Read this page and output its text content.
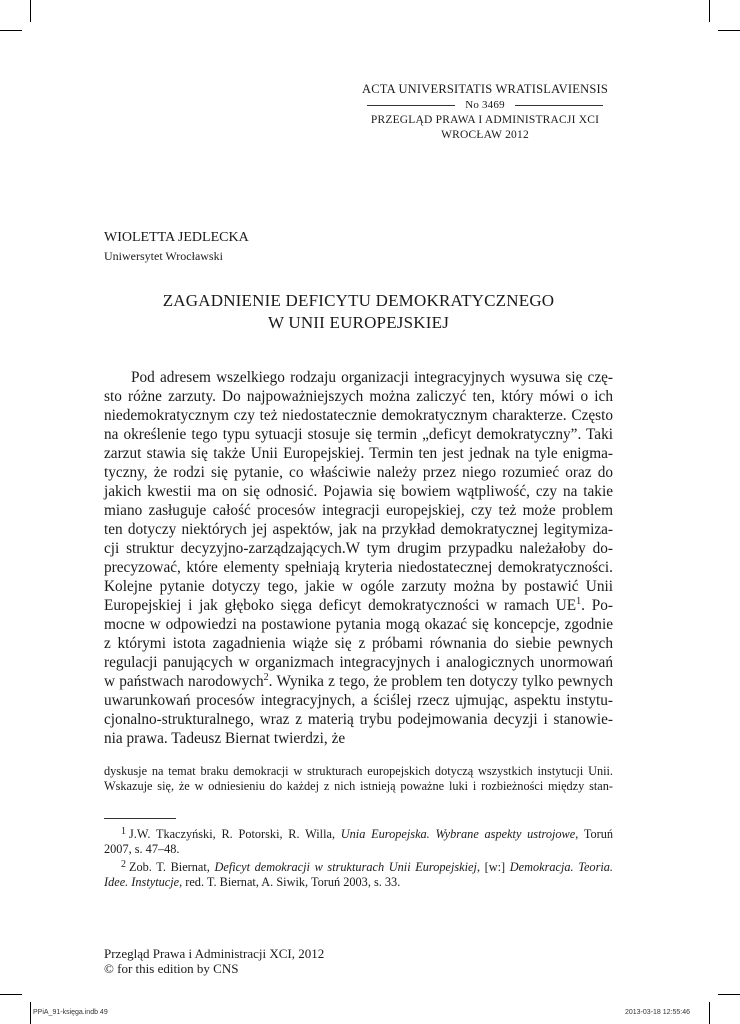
ACTA UNIVERSITATIS WRATISLAVIENSIS
No 3469
PRZEGLĄD PRAWA I ADMINISTRACJI XCI
WROCŁAW 2012
WIOLETTA JEDLECKA
Uniwersytet Wrocławski
ZAGADNIENIE DEFICYTU DEMOKRATYCZNEGO
W UNII EUROPEJSKIEJ
Pod adresem wszelkiego rodzaju organizacji integracyjnych wysuwa się czę-
sto różne zarzuty. Do najpoważniejszych można zaliczyć ten, który mówi o ich
niedemokratycznym czy też niedostatecznie demokratycznym charakterze. Często
na określenie tego typu sytuacji stosuje się termin „deficyt demokratyczny”. Taki
zarzut stawia się także Unii Europejskiej. Termin ten jest jednak na tyle enigma-
tyczny, że rodzi się pytanie, co właściwie należy przez niego rozumieć oraz do
jakich kwestii ma on się odnosić. Pojawia się bowiem wątpliwość, czy na takie
miano zasługuje całość procesów integracji europejskiej, czy też może problem
ten dotyczy niektórych jej aspektów, jak na przykład demokratycznej legitymiza-
cji struktur decyzyjno-zarządzających.W tym drugim przypadku należałoby do-
precyzować, które elementy spełniają kryteria niedostatecznej demokratyczności.
Kolejne pytanie dotyczy tego, jakie w ogóle zarzuty można by postawić Unii
Europejskiej i jak głęboko sięga deficyt demokratyczności w ramach $UE^1$. Po-
mocne w odpowiedzi na postawione pytania mogą okazać się koncepcje, zgodnie
z którymi istota zagadnienia wiąże się z próbami równania do siebie pewnych
regulacji panujących w organizmach integracyjnych i analogicznych unormowań
w państwach narodowych$^2$. Wynika z tego, że problem ten dotyczy tylko pewnych
uwarunkowań procesów integracyjnych, a ściślej rzecz ujmując, aspektu instytu-
cjonalno-strukturalnego, wraz z materią trybu podejmowania decyzji i stanowie-
nia prawa. Tadeusz Biernat twierdzi, że
dyskusje na temat braku demokracji w strukturach europejskich dotyczą wszystkich instytucji Unii.
Wskazuje się, że w odniesieniu do każdej z nich istnieją poważne luki i rozbieżności między stan-
$^1$ J.W. Tkaczyński, R. Potorski, R. Willa, Unia Europejska. Wybrane aspekty ustrojowe, Toruń
2007, s. 47–48.
$^2$ Zob. T. Biernat, Deficyt demokracji w strukturach Unii Europejskiej, [w:] Demokracja. Teoria.
Idee. Instytucje, red. T. Biernat, A. Siwik, Toruń 2003, s. 33.
Przegląd Prawa i Administracji XCI, 2012
© for this edition by CNS
PPiA_91-księga.indb 49	2013-03-18 12:55:46
